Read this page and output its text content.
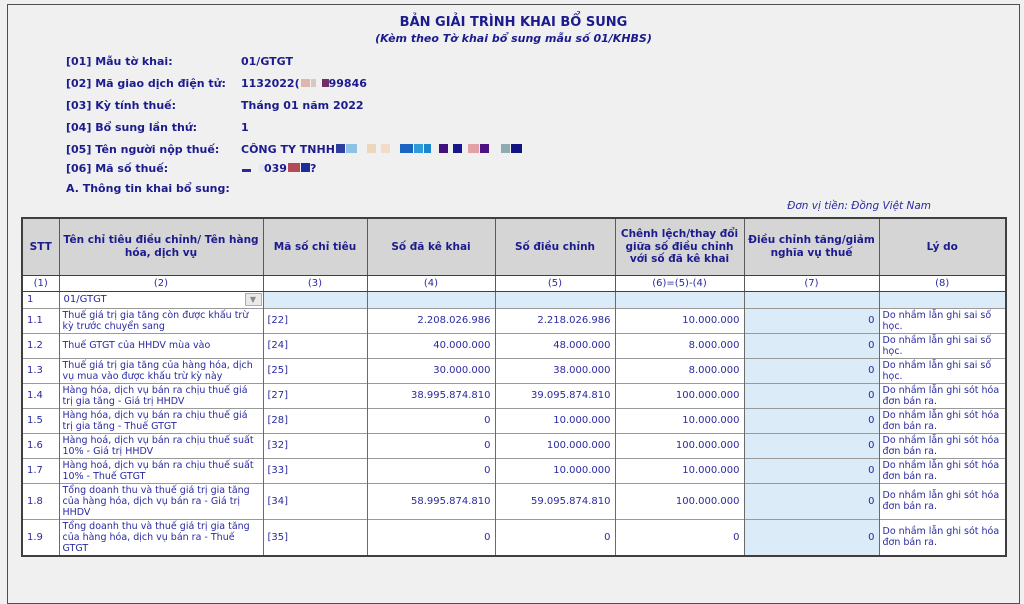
BẢN GIẢI TRÌNH KHAI BỔ SUNG
(Kèm theo Tờ khai bổ sung mẫu số 01/KHBS)
[01] Mẫu tờ khai:	01/GTGT
[02] Mã giao dịch điện tử:	1132022(	99846
[03] Kỳ tính thuế:	Tháng 01 năm 2022
[04] Bổ sung lần thứ:	1
[05] Tên người nộp thuế:	CÔNG TY TNHH
[06] Mã số thuế:	039 ?
A. Thông tin khai bổ sung:
Đơn vị tiền: Đồng Việt Nam
STT	Tên chỉ tiêu điều chỉnh/ Tên hàng hóa, dịch vụ	Mã số chỉ tiêu	Số đã kê khai	Số điều chỉnh	Chênh lệch/thay đổi giữa số điều chỉnh với số đã kê khai	Điều chỉnh tăng/giảm nghĩa vụ thuế	Lý do
(1)	(2)	(3)	(4)	(5)	(6)=(5)-(4)	(7)	(8)
1	01/GTGT ▼						

1.1	Thuế giá trị gia tăng còn được khấu trừ kỳ trước chuyển sang	[22]	2.208.026.986	2.218.026.986	10.000.000	0	Do nhầm lẫn ghi sai số học.
1.2	Thuế GTGT của HHDV mùa vào	[24]	40.000.000	48.000.000	8.000.000	0	Do nhầm lẫn ghi sai số học.
1.3	Thuế giá trị gia tăng của hàng hóa, dịch vụ mua vào được khấu trừ kỳ này	[25]	30.000.000	38.000.000	8.000.000	0	Do nhầm lẫn ghi sai số học.
1.4	Hàng hóa, dịch vụ bán ra chịu thuế giá trị gia tăng - Giá trị HHDV	[27]	38.995.874.810	39.095.874.810	100.000.000	0	Do nhầm lẫn ghi sót hóa đơn bán ra.
1.5	Hàng hóa, dịch vụ bán ra chịu thuế giá trị gia tăng - Thuế GTGT	[28]	0	10.000.000	10.000.000	0	Do nhầm lẫn ghi sót hóa đơn bán ra.
1.6	Hàng hoá, dịch vụ bán ra chịu thuế suất 10% - Giá trị HHDV	[32]	0	100.000.000	100.000.000	0	Do nhầm lẫn ghi sót hóa đơn bán ra.
1.7	Hàng hoá, dịch vụ bán ra chịu thuế suất 10% - Thuế GTGT	[33]	0	10.000.000	10.000.000	0	Do nhầm lẫn ghi sót hóa đơn bán ra.
1.8	Tổng doanh thu và thuế giá trị gia tăng của hàng hóa, dịch vụ bán ra - Giá trị HHDV	[34]	58.995.874.810	59.095.874.810	100.000.000	0	Do nhầm lẫn ghi sót hóa đơn bán ra.
1.9	Tổng doanh thu và thuế giá trị gia tăng của hàng hóa, dịch vụ bán ra - Thuế GTGT	[35]	0	0	0	0	Do nhầm lẫn ghi sót hóa đơn bán ra.
